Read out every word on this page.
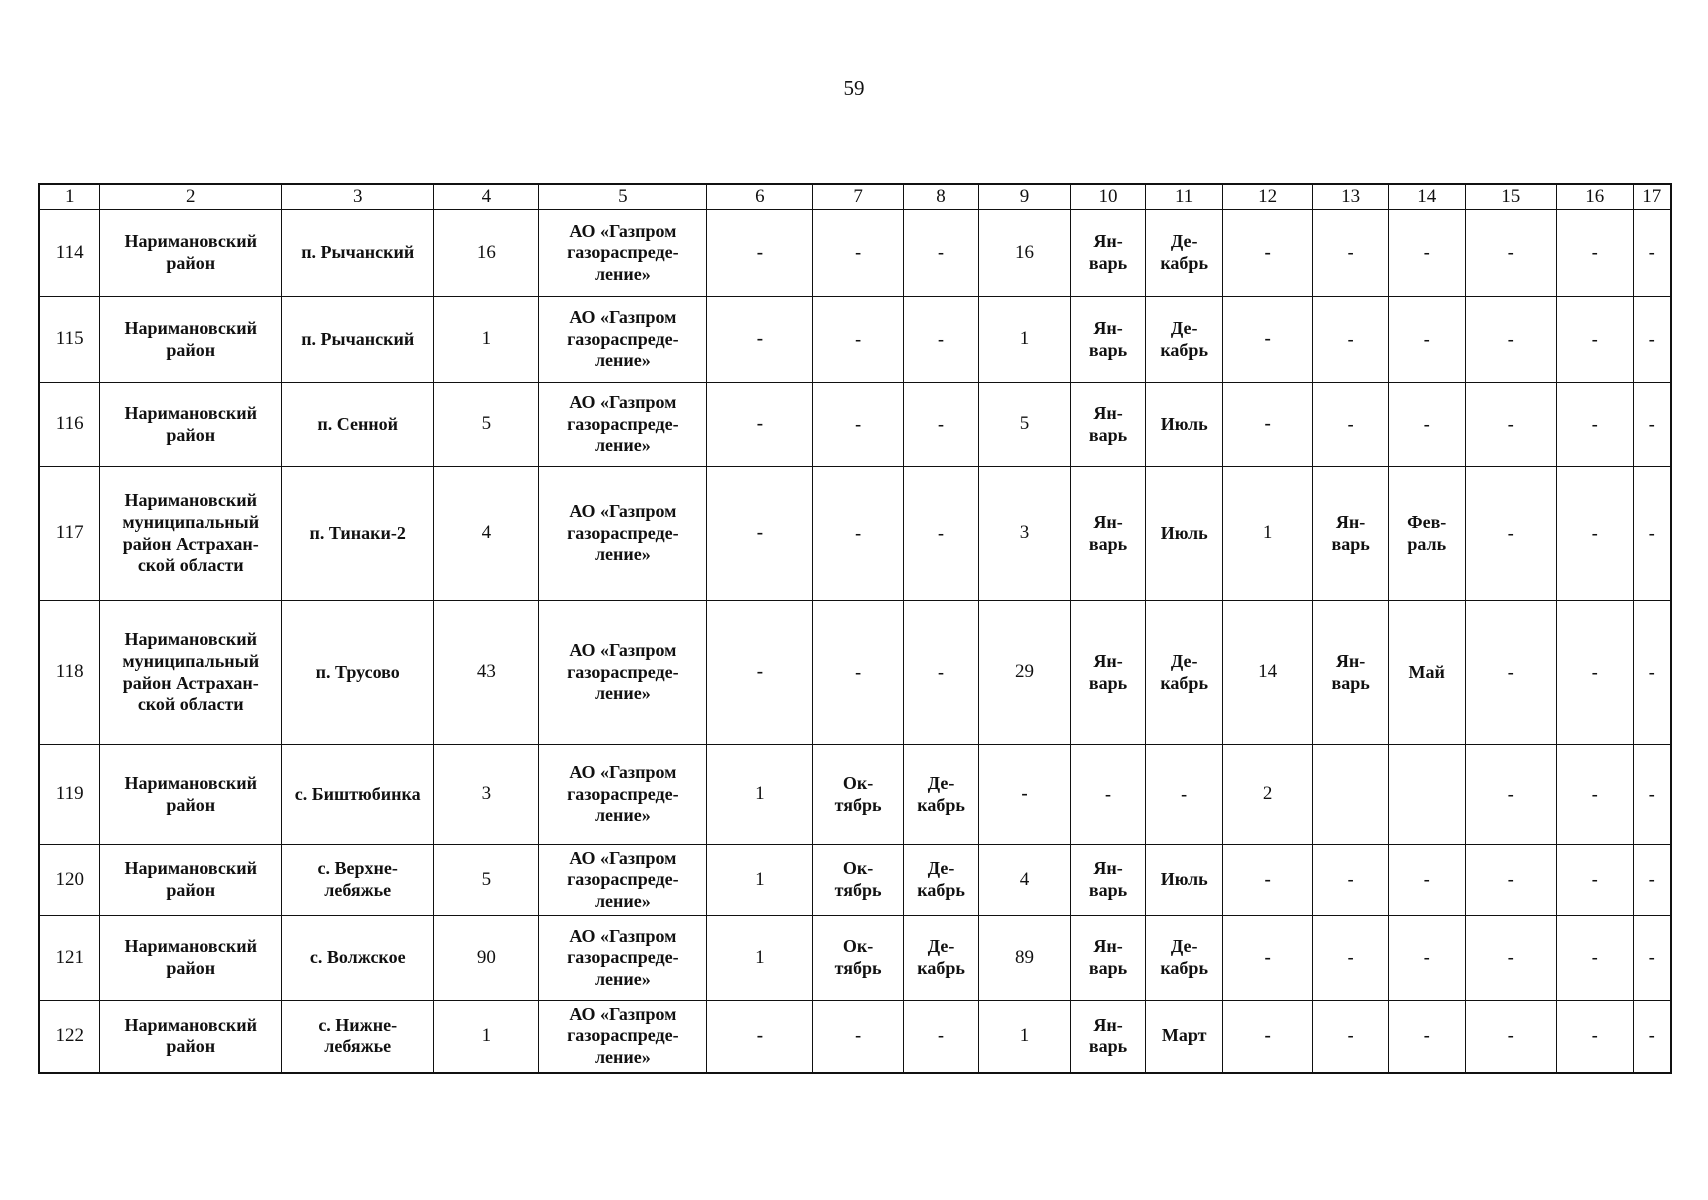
59
1	2	3	4	5	6	7	8	9	10	11	12	13	14	15	16	17

114	Наримановский
район	п. Рычанский	16	АО «Газпром
газораспреде-
ление»	-	-	-	16	Ян-
варь	Де-
кабрь	-	-	-	-	-	-

115	Наримановский
район	п. Рычанский	1	АО «Газпром
газораспреде-
ление»	-	-	-	1	Ян-
варь	Де-
кабрь	-	-	-	-	-	-

116	Наримановский
район	п. Сенной	5	АО «Газпром
газораспреде-
ление»	-	-	-	5	Ян-
варь	Июль	-	-	-	-	-	-

117	Наримановский
муниципальный
район Астрахан-
ской области	п. Тинаки-2	4	АО «Газпром
газораспреде-
ление»	-	-	-	3	Ян-
варь	Июль	1	Ян-
варь	Фев-
раль	-	-	-

118	Наримановский
муниципальный
район Астрахан-
ской области	п. Трусово	43	АО «Газпром
газораспреде-
ление»	-	-	-	29	Ян-
варь	Де-
кабрь	14	Ян-
варь	Май	-	-	-

119	Наримановский
район	с. Биштюбинка	3	АО «Газпром
газораспреде-
ление»	1	Ок-
тябрь	Де-
кабрь	-	-	-	2			-	-	-

120	Наримановский
район	с. Верхне-
лебяжье	5	АО «Газпром
газораспреде-
ление»	1	Ок-
тябрь	Де-
кабрь	4	Ян-
варь	Июль	-	-	-	-	-	-

121	Наримановский
район	с. Волжское	90	АО «Газпром
газораспреде-
ление»	1	Ок-
тябрь	Де-
кабрь	89	Ян-
варь	Де-
кабрь	-	-	-	-	-	-

122	Наримановский
район	с. Нижне-
лебяжье	1	АО «Газпром
газораспреде-
ление»	-	-	-	1	Ян-
варь	Март	-	-	-	-	-	-
